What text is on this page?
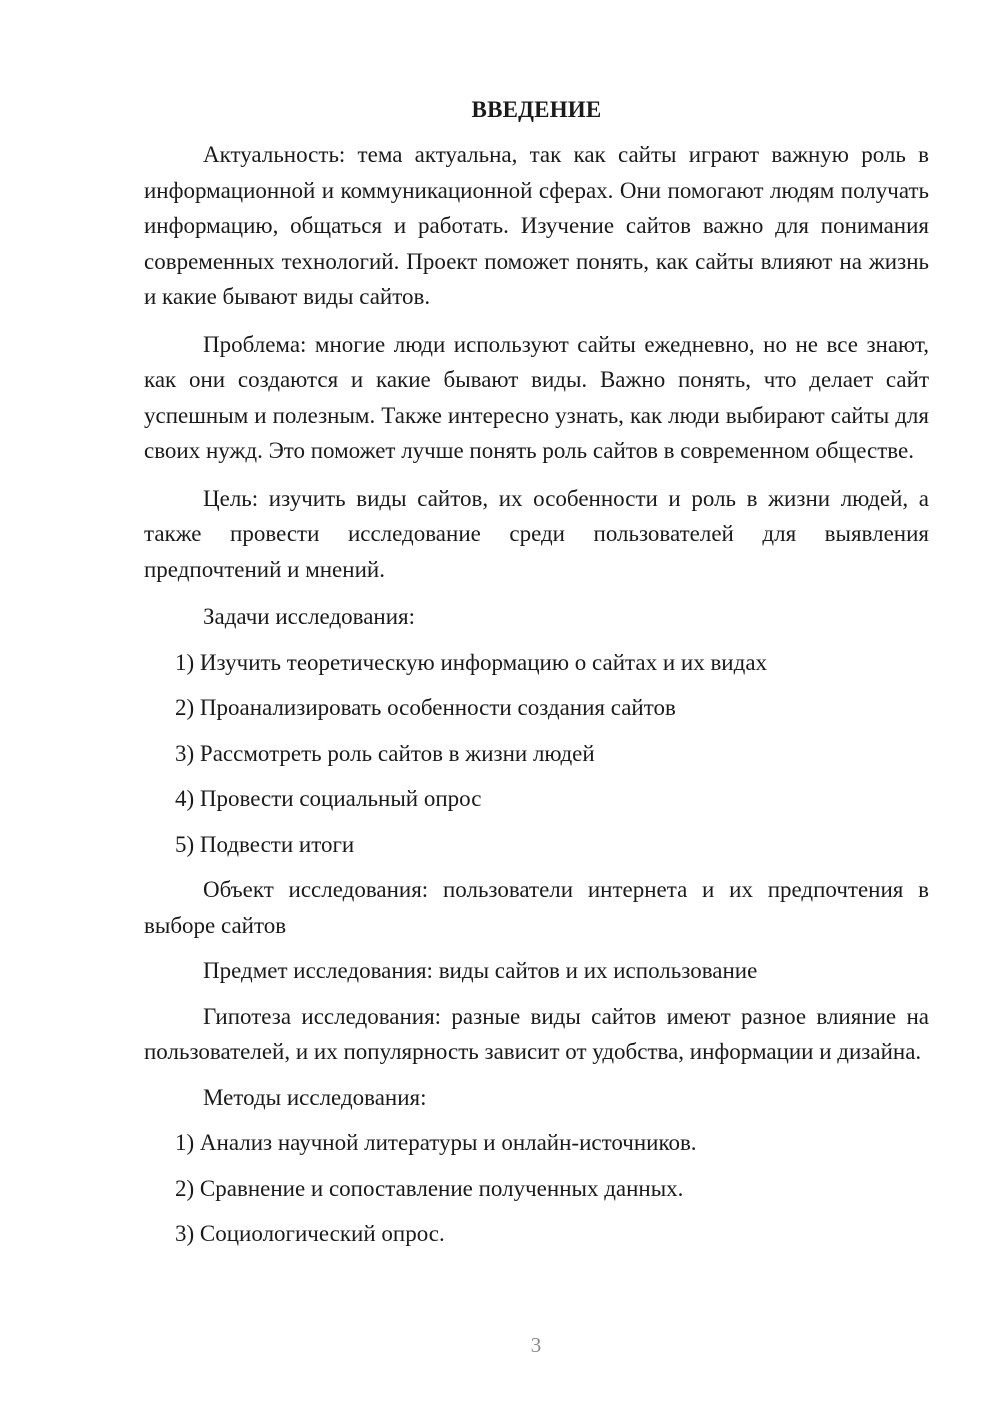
ВВЕДЕНИЕ

Актуальность: тема актуальна, так как сайты играют важную роль в информационной и коммуникационной сферах. Они помогают людям получать информацию, общаться и работать. Изучение сайтов важно для понимания современных технологий. Проект поможет понять, как сайты влияют на жизнь и какие бывают виды сайтов.

Проблема: многие люди используют сайты ежедневно, но не все знают, как они создаются и какие бывают виды. Важно понять, что делает сайт успешным и полезным. Также интересно узнать, как люди выбирают сайты для своих нужд. Это поможет лучше понять роль сайтов в современном обществе.

Цель: изучить виды сайтов, их особенности и роль в жизни людей, а также провести исследование среди пользователей для выявления предпочтений и мнений.

Задачи исследования:

1) Изучить теоретическую информацию о сайтах и их видах

2) Проанализировать особенности создания сайтов

3) Рассмотреть роль сайтов в жизни людей

4) Провести социальный опрос

5) Подвести итоги

Объект исследования: пользователи интернета и их предпочтения в выборе сайтов

Предмет исследования: виды сайтов и их использование

Гипотеза исследования: разные виды сайтов имеют разное влияние на пользователей, и их популярность зависит от удобства, информации и дизайна.

Методы исследования:

1) Анализ научной литературы и онлайн-источников.

2) Сравнение и сопоставление полученных данных.

3) Социологический опрос.

3
